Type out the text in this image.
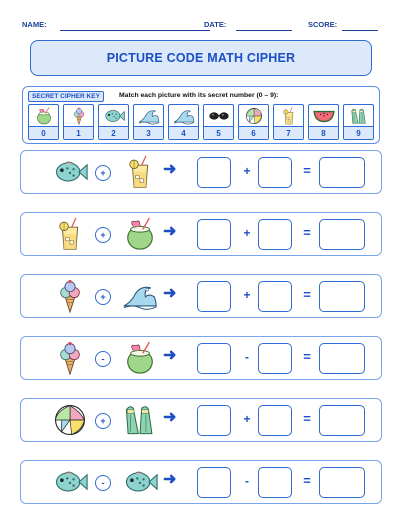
NAME:	DATE:	SCORE:
PICTURE CODE MATH CIPHER
SECRET CIPHER KEY	Match each picture with its secret number (0 – 9):
0	1	2	3	4	5	6	7	8	9
+	➜	+	=
+	➜	+	=
+	➜	+	=
-	➜	-	=
+	➜	+	=
-	➜	-	=
